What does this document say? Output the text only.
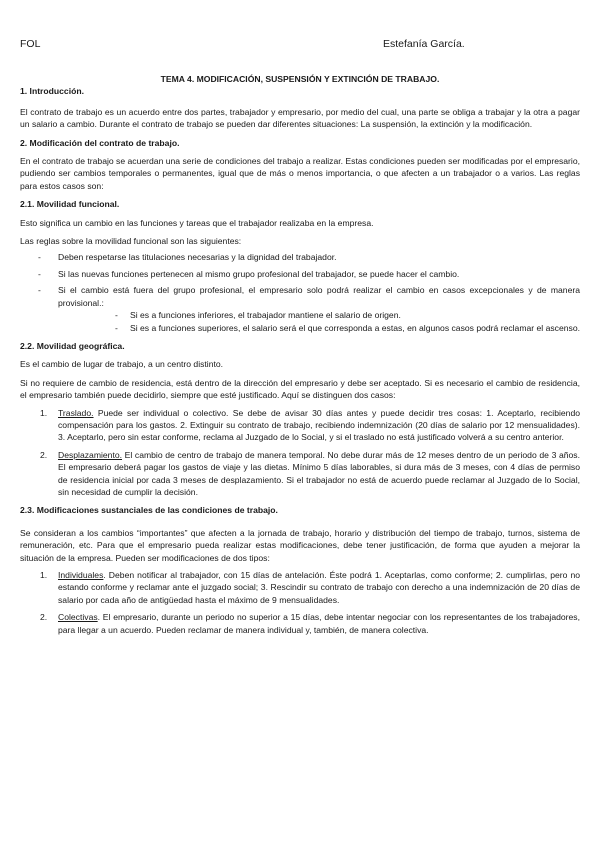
FOL	Estefanía García.

TEMA 4. MODIFICACIÓN, SUSPENSIÓN Y EXTINCIÓN DE TRABAJO.

1. Introducción.

El contrato de trabajo es un acuerdo entre dos partes, trabajador y empresario, por medio del cual, una parte se obliga a trabajar y la otra a pagar un salario a cambio. Durante el contrato de trabajo se pueden dar diferentes situaciones: La suspensión, la extinción y la modificación.

2. Modificación del contrato de trabajo.

En el contrato de trabajo se acuerdan una serie de condiciones del trabajo a realizar. Estas condiciones pueden ser modificadas por el empresario, pudiendo ser cambios temporales o permanentes, igual que de más o menos importancia, o que afecten a un trabajador o a varios. Las reglas para estos casos son:

2.1. Movilidad funcional.

Esto significa un cambio en las funciones y tareas que el trabajador realizaba en la empresa.

Las reglas sobre la movilidad funcional son las siguientes:

- Deben respetarse las titulaciones necesarias y la dignidad del trabajador.
- Si las nuevas funciones pertenecen al mismo grupo profesional del trabajador, se puede hacer el cambio.
- Si el cambio está fuera del grupo profesional, el empresario solo podrá realizar el cambio en casos excepcionales y de manera provisional.:
- Si es a funciones inferiores, el trabajador mantiene el salario de origen.
- Si es a funciones superiores, el salario será el que corresponda a estas, en algunos casos podrá reclamar el ascenso.
2.2. Movilidad geográfica.

Es el cambio de lugar de trabajo, a un centro distinto.

Si no requiere de cambio de residencia, está dentro de la dirección del empresario y debe ser aceptado. Si es necesario el cambio de residencia, el empresario también puede decidirlo, siempre que esté justificado. Aquí se distinguen dos casos:

1. Traslado. Puede ser individual o colectivo. Se debe de avisar 30 días antes y puede decidir tres cosas: 1. Aceptarlo, recibiendo compensación para los gastos. 2. Extinguir su contrato de trabajo, recibiendo indemnización (20 días de salario por 12 mensualidades). 3. Aceptarlo, pero sin estar conforme, reclama al Juzgado de lo Social, y si el traslado no está justificado volverá a su centro anterior.
2. Desplazamiento. El cambio de centro de trabajo de manera temporal. No debe durar más de 12 meses dentro de un periodo de 3 años. El empresario deberá pagar los gastos de viaje y las dietas. Mínimo 5 días laborables, si dura más de 3 meses, con 4 días de permiso de residencia inicial por cada 3 meses de desplazamiento. Si el trabajador no está de acuerdo puede reclamar al Juzgado de lo Social, sin necesidad de cumplir la decisión.
2.3. Modificaciones sustanciales de las condiciones de trabajo.

Se consideran a los cambios “importantes” que afecten a la jornada de trabajo, horario y distribución del tiempo de trabajo, turnos, sistema de remuneración, etc. Para que el empresario pueda realizar estas modificaciones, debe tener justificación, de forma que ayuden a mejorar la situación de la empresa. Pueden ser modificaciones de dos tipos:

1. Individuales. Deben notificar al trabajador, con 15 días de antelación. Éste podrá 1. Aceptarlas, como conforme; 2. cumplirlas, pero no estando conforme y reclamar ante el juzgado social; 3. Rescindir su contrato de trabajo con derecho a una indemnización de 20 días de salario por cada año de antigüedad hasta el máximo de 9 mensualidades.
2. Colectivas. El empresario, durante un periodo no superior a 15 días, debe intentar negociar con los representantes de los trabajadores, para llegar a un acuerdo. Pueden reclamar de manera individual y, también, de manera colectiva.
